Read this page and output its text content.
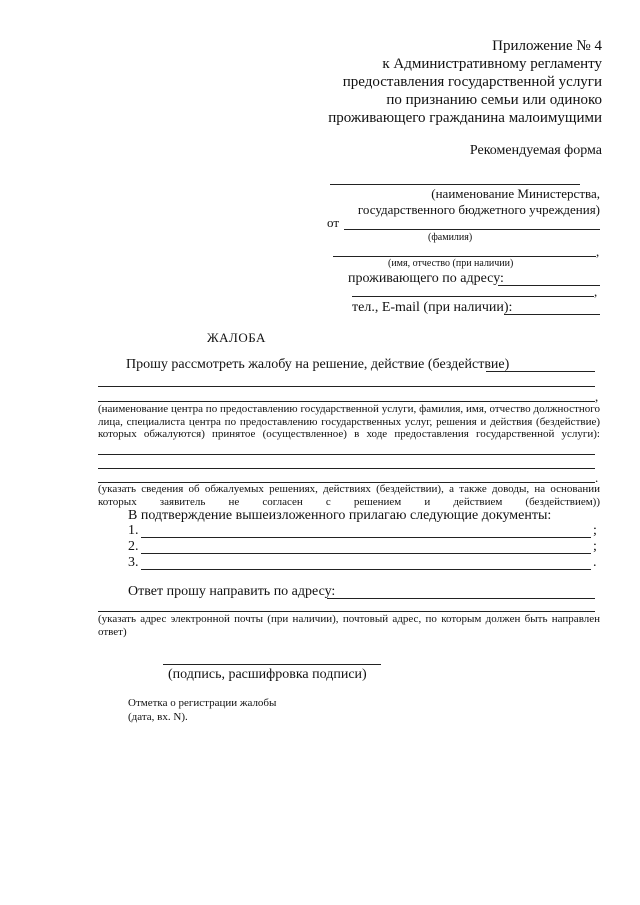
Приложение № 4
к Административному регламенту
предоставления государственной услуги
по признанию семьи или одиноко
проживающего гражданина малоимущими
Рекомендуемая форма
(наименование Министерства,
государственного бюджетного учреждения)
от
(фамилия)
,
(имя, отчество (при наличии)
проживающего по адресу:
,
тел., E-mail (при наличии):
ЖАЛОБА
Прошу рассмотреть жалобу на решение, действие (бездействие)
,
(наименование центра по предоставлению государственной услуги, фамилия, имя, отчество должностного лица, специалиста центра по предоставлению государственных услуг, решения и действия (бездействие) которых обжалуются) принятое (осуществленное) в ходе предоставления государственной услуги):
.
(указать сведения об обжалуемых решениях, действиях (бездействии), а также доводы, на основании которых заявитель не согласен с решением и действием (бездействием))
В подтверждение вышеизложенного прилагаю следующие документы:
1.	;
2.	;
3.	.
Ответ прошу направить по адресу:
(указать адрес электронной почты (при наличии), почтовый адрес, по которым должен быть направлен ответ)
(подпись, расшифровка подписи)
Отметка о регистрации жалобы
(дата, вх. N).
